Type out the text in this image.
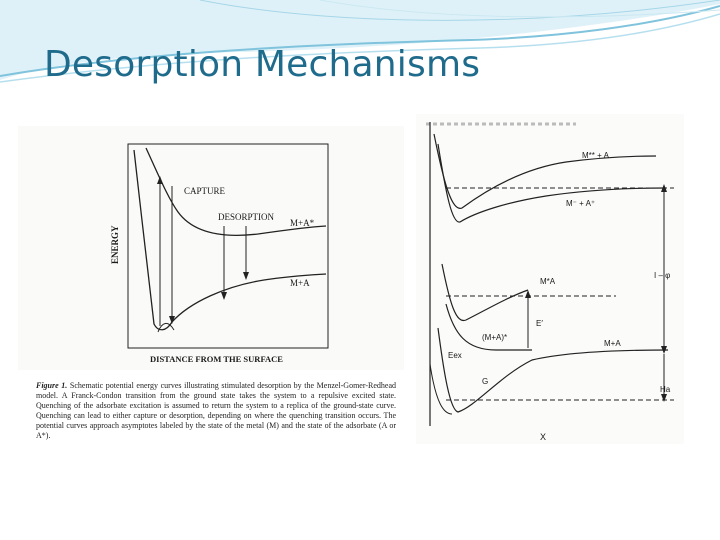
Desorption Mechanisms
CAPTURE
DESORPTION
M+A*
M+A
ENERGY
DISTANCE FROM THE SURFACE

Figure 1. Schematic potential energy curves illustrating stimulated desorption by the Menzel-Gomer-Redhead model. A Franck-Condon transition from the ground state takes the system to a repulsive excited state. Quenching of the adsorbate excitation is assumed to return the system to a replica of the ground-state curve. Quenching can lead to either capture or desorption, depending on where the quenching transition occurs. The potential curves approach asymptotes labeled by the state of the metal (M) and the state of the adsorbate (A or A*).

M** + A
M⁻ + A⁺
M*A
(M+A)*
M+A
E′
Eex
G
I – φ
Ha
X
